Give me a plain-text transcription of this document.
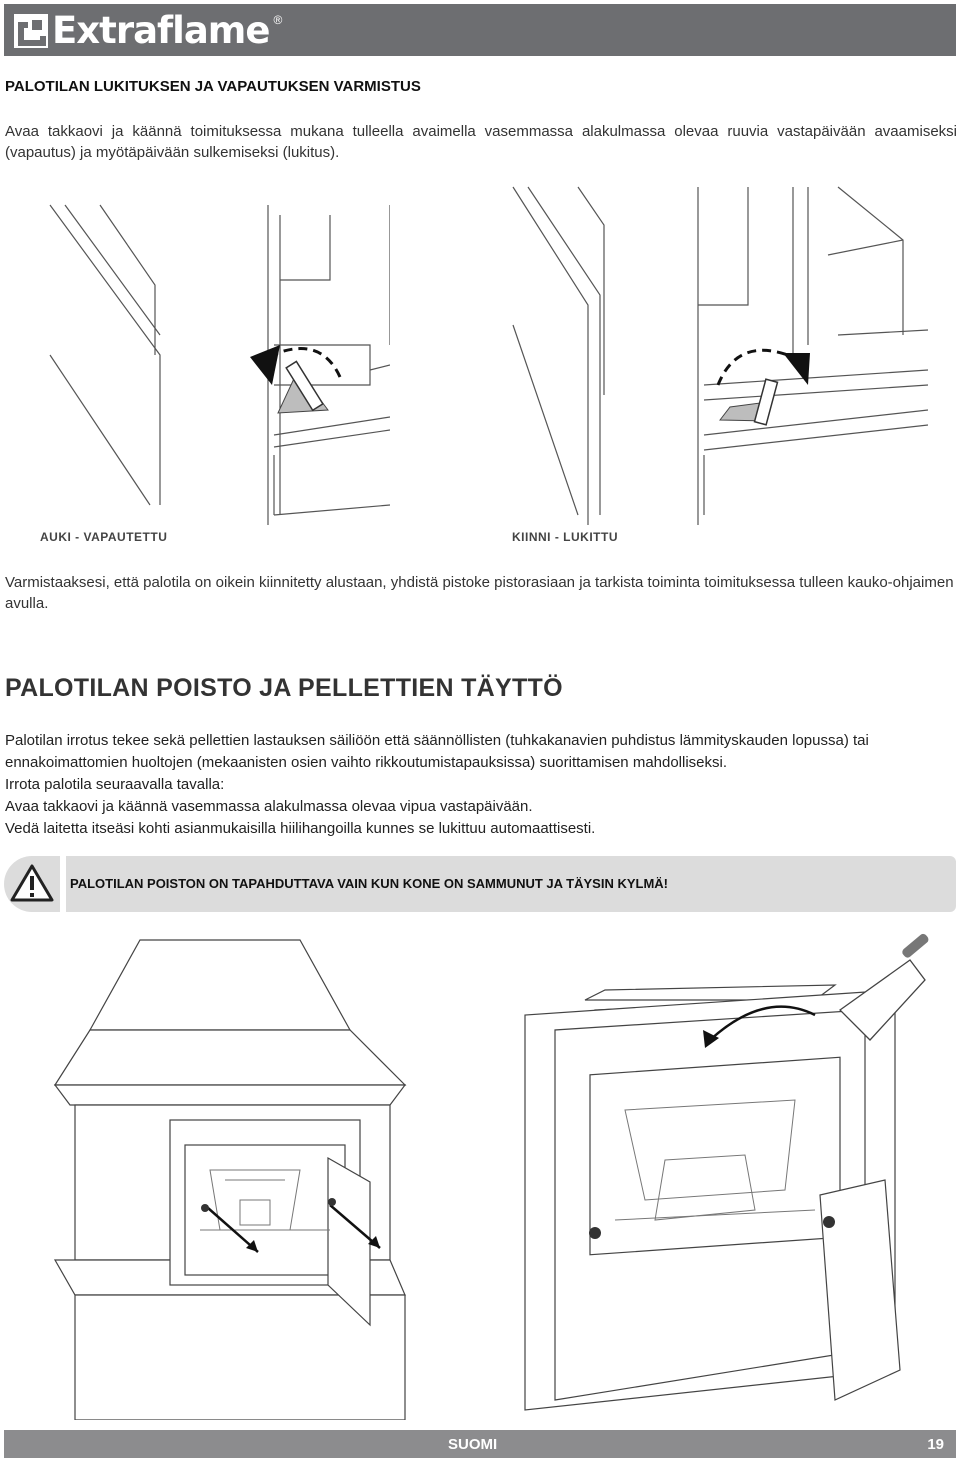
Extraflame ®
PALOTILAN LUKITUKSEN JA VAPAUTUKSEN VARMISTUS
Avaa takkaovi ja käännä toimituksessa mukana tulleella avaimella vasemmassa alakulmassa olevaa ruuvia vastapäivään avaamiseksi (vapautus) ja myötäpäivään sulkemiseksi (lukitus).
AUKI - VAPAUTETTU	KIINNI - LUKITTU
Varmistaaksesi, että palotila on oikein kiinnitetty alustaan, yhdistä pistoke pistorasiaan ja tarkista toiminta toimituksessa tulleen kauko-ohjaimen avulla.
PALOTILAN POISTO JA PELLETTIEN TÄYTTÖ
Palotilan irrotus tekee sekä pellettien lastauksen säiliöön että säännöllisten (tuhkakanavien puhdistus lämmityskauden lopussa) tai ennakoimattomien huoltojen (mekaanisten osien vaihto rikkoutumistapauksissa) suorittamisen mahdolliseksi.
Irrota palotila seuraavalla tavalla:
Avaa takkaovi ja käännä vasemmassa alakulmassa olevaa vipua vastapäivään.
Vedä laitetta itseäsi kohti asianmukaisilla hiilihangoilla kunnes se lukittuu automaattisesti.
PALOTILAN POISTON ON TAPAHDUTTAVA VAIN KUN KONE ON SAMMUNUT JA TÄYSIN KYLMÄ!
SUOMI	19
